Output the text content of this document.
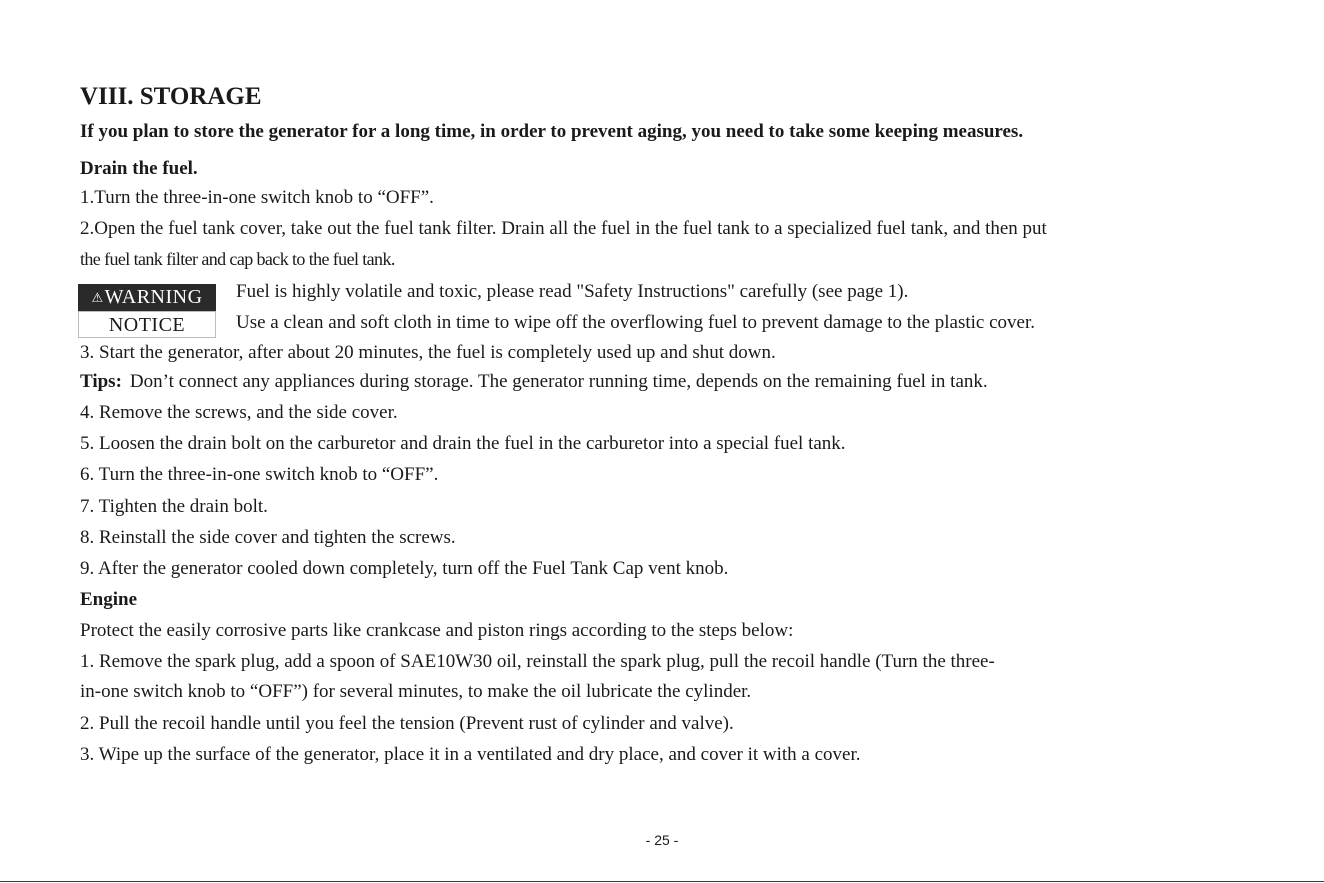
VIII. STORAGE
If you plan to store the generator for a long time, in order to prevent aging, you need to take some keeping measures.
Drain the fuel.
1.Turn the three-in-one switch knob to “OFF”.
2.Open the fuel tank cover, take out the fuel tank filter. Drain all the fuel in the fuel tank to a specialized fuel tank, and then put
the fuel tank filter and cap back to the fuel tank.
⚠WARNING	Fuel is highly volatile and toxic, please read "Safety Instructions" carefully (see page 1).
NOTICE	Use a clean and soft cloth in time to wipe off the overflowing fuel to prevent damage to the plastic cover.
3. Start the generator, after about 20 minutes, the fuel is completely used up and shut down.
Tips: Don’t connect any appliances during storage. The generator running time, depends on the remaining fuel in tank.
4. Remove the screws, and the side cover.
5. Loosen the drain bolt on the carburetor and drain the fuel in the carburetor into a special fuel tank.
6. Turn the three-in-one switch knob to “OFF”.
7. Tighten the drain bolt.
8. Reinstall the side cover and tighten the screws.
9. After the generator cooled down completely, turn off the Fuel Tank Cap vent knob.
Engine
Protect the easily corrosive parts like crankcase and piston rings according to the steps below:
1. Remove the spark plug, add a spoon of SAE10W30 oil, reinstall the spark plug, pull the recoil handle (Turn the three-
in-one switch knob to “OFF”) for several minutes, to make the oil lubricate the cylinder.
2. Pull the recoil handle until you feel the tension (Prevent rust of cylinder and valve).
3. Wipe up the surface of the generator, place it in a ventilated and dry place, and cover it with a cover.
- 25 -
